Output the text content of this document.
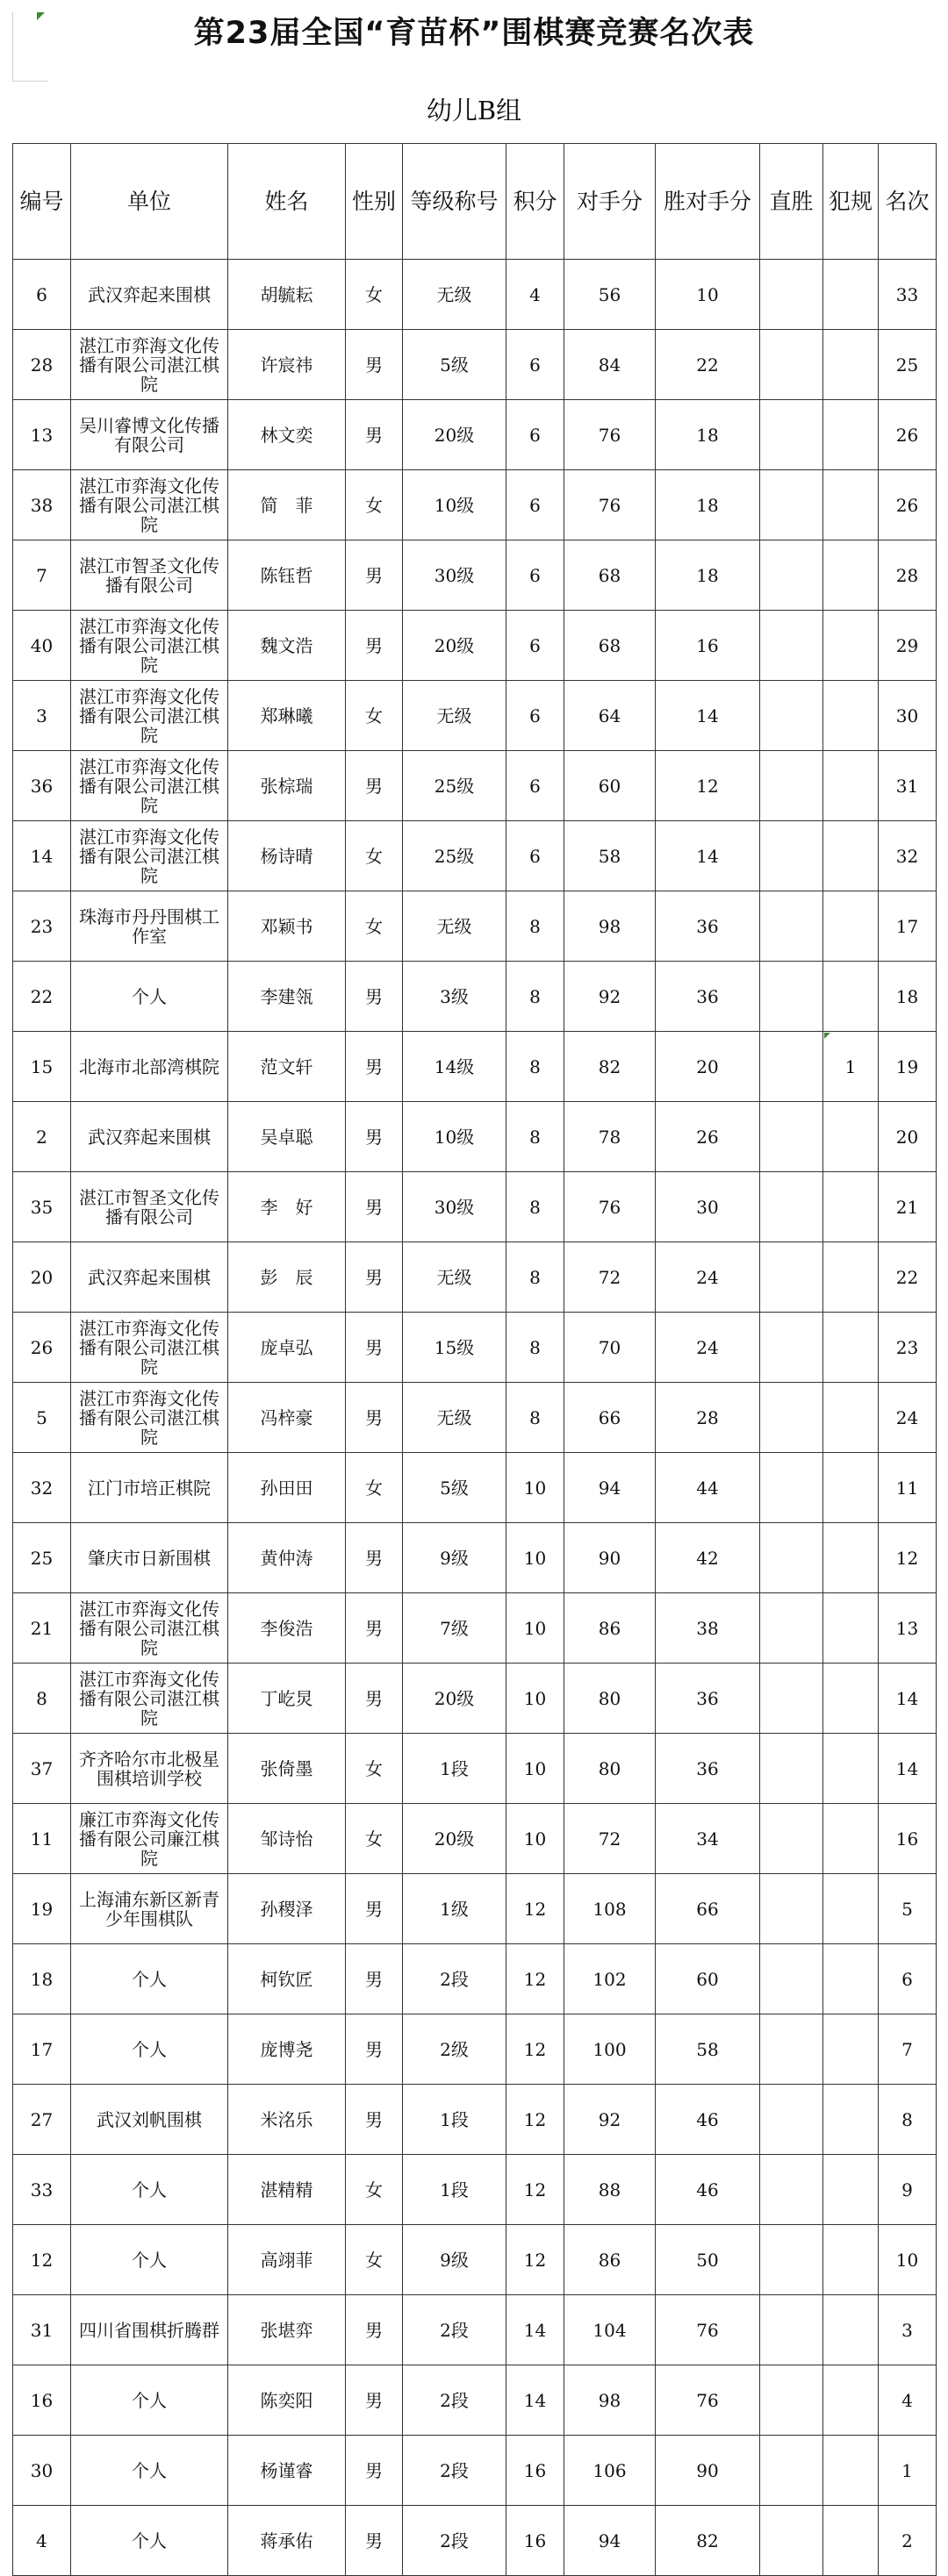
第23届全国“育苗杯”围棋赛竞赛名次表
幼儿B组
编号	单位	姓名	性别	等级称号	积分	对手分	胜对手分	直胜	犯规	名次
6	武汉弈起来围棋	胡毓耘	女	无级	4	56	10			33
28	湛江市弈海文化传播有限公司湛江棋院	许宸祎	男	5级	6	84	22			25
13	吴川睿博文化传播有限公司	林文奕	男	20级	6	76	18			26
38	湛江市弈海文化传播有限公司湛江棋院	简　菲	女	10级	6	76	18			26
7	湛江市智圣文化传播有限公司	陈钰哲	男	30级	6	68	18			28
40	湛江市弈海文化传播有限公司湛江棋院	魏文浩	男	20级	6	68	16			29
3	湛江市弈海文化传播有限公司湛江棋院	郑琳曦	女	无级	6	64	14			30
36	湛江市弈海文化传播有限公司湛江棋院	张棕瑞	男	25级	6	60	12			31
14	湛江市弈海文化传播有限公司湛江棋院	杨诗晴	女	25级	6	58	14			32
23	珠海市丹丹围棋工作室	邓颖书	女	无级	8	98	36			17
22	个人	李建瓴	男	3级	8	92	36			18
15	北海市北部湾棋院	范文轩	男	14级	8	82	20		1	19
2	武汉弈起来围棋	吴卓聪	男	10级	8	78	26			20
35	湛江市智圣文化传播有限公司	李　好	男	30级	8	76	30			21
20	武汉弈起来围棋	彭　辰	男	无级	8	72	24			22
26	湛江市弈海文化传播有限公司湛江棋院	庞卓弘	男	15级	8	70	24			23
5	湛江市弈海文化传播有限公司湛江棋院	冯梓豪	男	无级	8	66	28			24
32	江门市培正棋院	孙田田	女	5级	10	94	44			11
25	肇庆市日新围棋	黄仲涛	男	9级	10	90	42			12
21	湛江市弈海文化传播有限公司湛江棋院	李俊浩	男	7级	10	86	38			13
8	湛江市弈海文化传播有限公司湛江棋院	丁屹炅	男	20级	10	80	36			14
37	齐齐哈尔市北极星围棋培训学校	张倚墨	女	1段	10	80	36			14
11	廉江市弈海文化传播有限公司廉江棋院	邹诗怡	女	20级	10	72	34			16
19	上海浦东新区新青少年围棋队	孙稷泽	男	1级	12	108	66			5
18	个人	柯钦匠	男	2段	12	102	60			6
17	个人	庞博尧	男	2级	12	100	58			7
27	武汉刘帆围棋	米洺乐	男	1段	12	92	46			8
33	个人	湛精精	女	1段	12	88	46			9
12	个人	高翊菲	女	9级	12	86	50			10
31	四川省围棋折腾群	张堪弈	男	2段	14	104	76			3
16	个人	陈奕阳	男	2段	14	98	76			4
30	个人	杨谨睿	男	2段	16	106	90			1
4	个人	蒋承佑	男	2段	16	94	82			2
